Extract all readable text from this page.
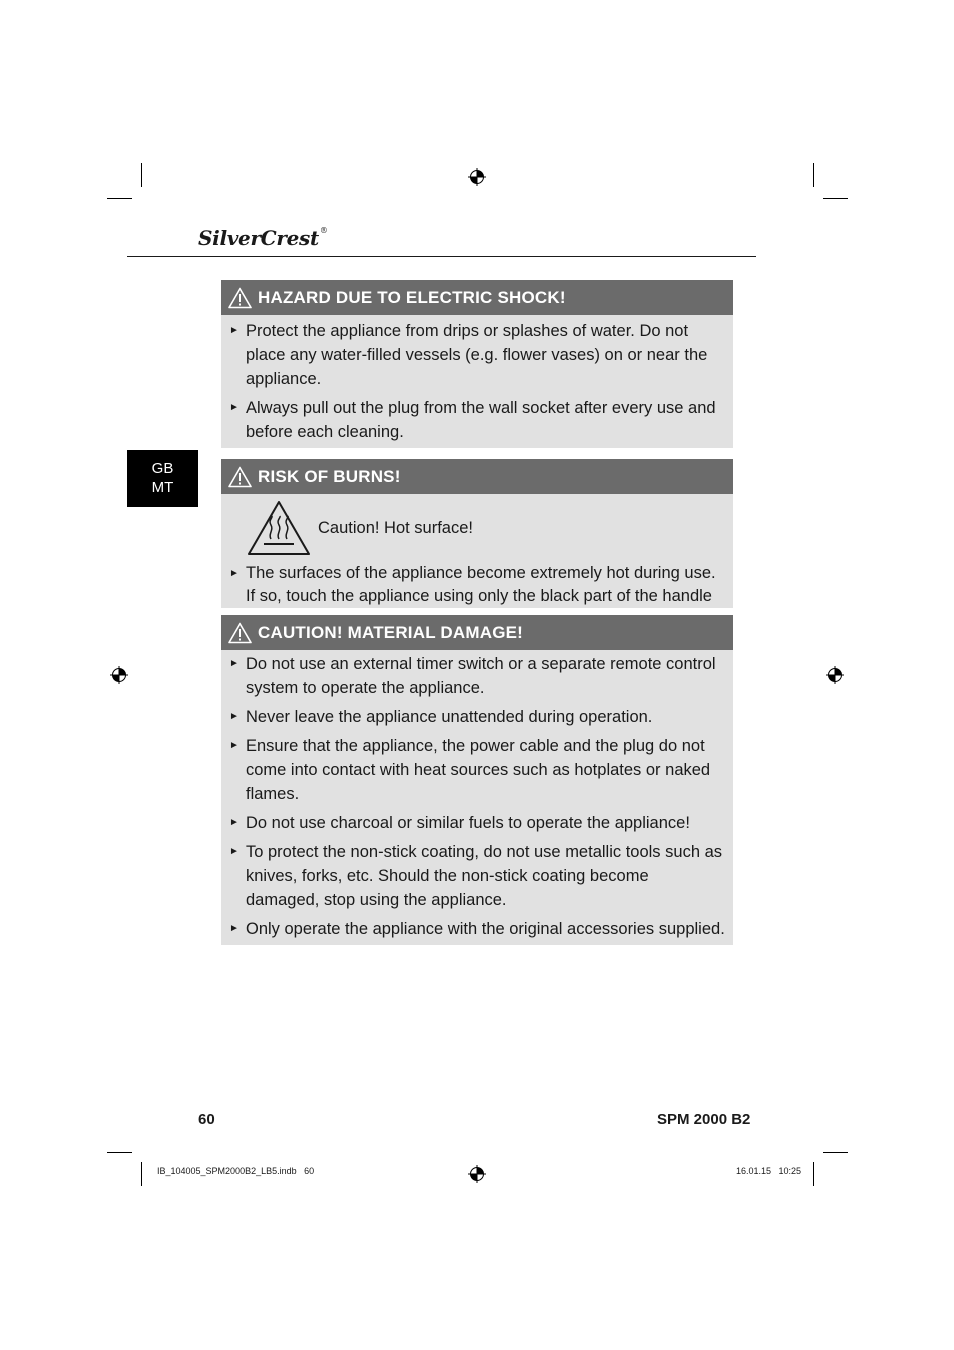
SilverCrest®
GB
MT
HAZARD DUE TO ELECTRIC SHOCK!
► Protect the appliance from drips or splashes of water. Do not place any water-filled vessels (e.g. flower vases) on or near the appliance.
► Always pull out the plug from the wall socket after every use and before each cleaning.
RISK OF BURNS!
Caution! Hot surface!
► The surfaces of the appliance become extremely hot during use. If so, touch the appliance using only the black part of the handle
CAUTION! MATERIAL DAMAGE!
► Do not use an external timer switch or a separate remote control system to operate the appliance.
► Never leave the appliance unattended during operation.
► Ensure that the appliance, the power cable and the plug do not come into contact with heat sources such as hotplates or naked flames.
► Do not use charcoal or similar fuels to operate the appliance!
► To protect the non-stick coating, do not use metallic tools such as knives, forks, etc. Should the non-stick coating become damaged, stop using the appliance.
► Only operate the appliance with the original accessories supplied.
60	SPM 2000 B2
IB_104005_SPM2000B2_LB5.indb   60	16.01.15   10:25
